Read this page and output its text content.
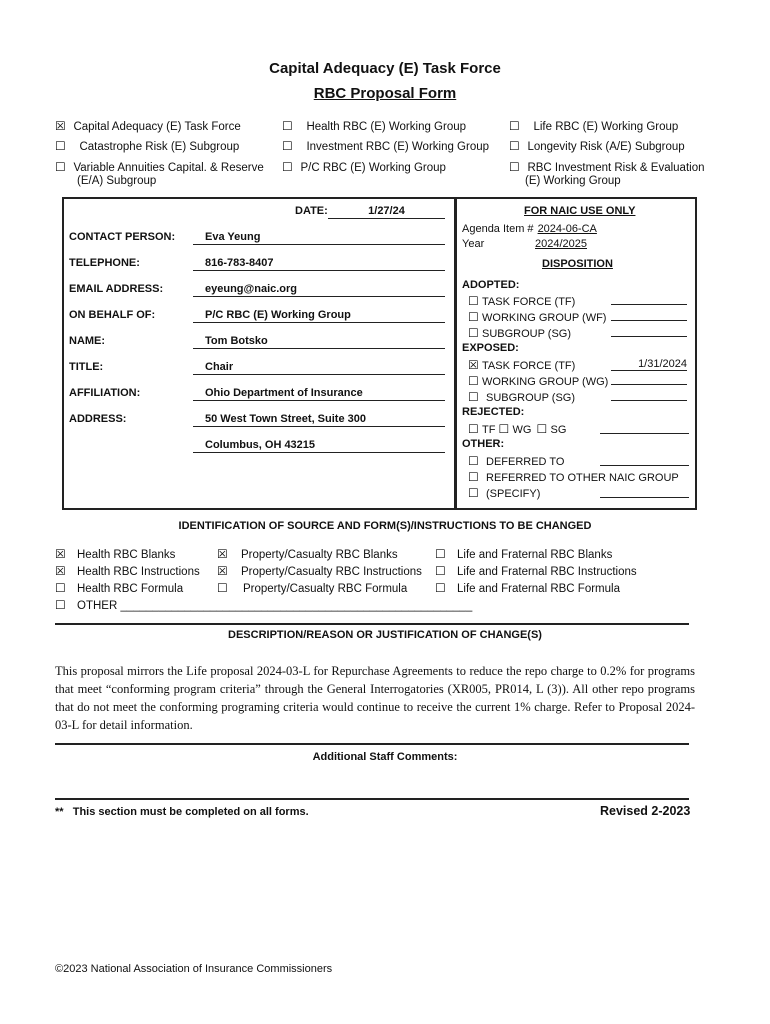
Capital Adequacy (E) Task Force
RBC Proposal Form
☒ Capital Adequacy (E) Task Force	☐ Health RBC (E) Working Group	☐ Life RBC (E) Working Group
☐ Catastrophe Risk (E) Subgroup	☐ Investment RBC (E) Working Group ☐ Longevity Risk (A/E) Subgroup
☐ Variable Annuities Capital. & Reserve
(E/A) Subgroup
☐ P/C RBC (E) Working Group	☐ RBC Investment Risk & Evaluation
(E) Working Group
DATE:	1/27/24
CONTACT PERSON:	Eva Yeung
TELEPHONE:	816-783-8407
EMAIL ADDRESS:	eyeung@naic.org
ON BEHALF OF:	P/C RBC (E) Working Group
NAME:	Tom Botsko
TITLE:	Chair
AFFILIATION:	Ohio Department of Insurance
ADDRESS:	50 West Town Street, Suite 300
Columbus, OH 43215
FOR NAIC USE ONLY
Agenda Item # 2024-06-CA
Year	2024/2025
DISPOSITION
ADOPTED:
☐ TASK FORCE (TF)
☐ WORKING GROUP (WF)
☐ SUBGROUP (SG)
EXPOSED:
☒ TASK FORCE (TF)	1/31/2024
☐ WORKING GROUP (WG)
☐ SUBGROUP (SG)
REJECTED:
☐ TF ☐ WG ☐ SG
OTHER:
☐ DEFERRED TO
☐ REFERRED TO OTHER NAIC GROUP
☐ (SPECIFY)
IDENTIFICATION OF SOURCE AND FORM(S)/INSTRUCTIONS TO BE CHANGED
☒ Health RBC Blanks	☒ Property/Casualty RBC Blanks	☐ Life and Fraternal RBC Blanks
☒ Health RBC Instructions ☒ Property/Casualty RBC Instructions ☐ Life and Fraternal RBC Instructions
☐ Health RBC Formula	☐ Property/Casualty RBC Formula ☐ Life and Fraternal RBC Formula
☐ OTHER _______________________________________________________
DESCRIPTION/REASON OR JUSTIFICATION OF CHANGE(S)
This proposal mirrors the Life proposal 2024-03-L for Repurchase Agreements to reduce the repo charge to 0.2% for programs that meet “conforming program criteria” through the General Interrogatories (XR005, PR014, L (3)). All other repo programs that do not meet the conforming programing criteria would continue to receive the current 1% charge. Refer to Proposal 2024-03-L for detail information.
Additional Staff Comments:
**   This section must be completed on all forms.	Revised 2-2023
©2023 National Association of Insurance Commissioners
